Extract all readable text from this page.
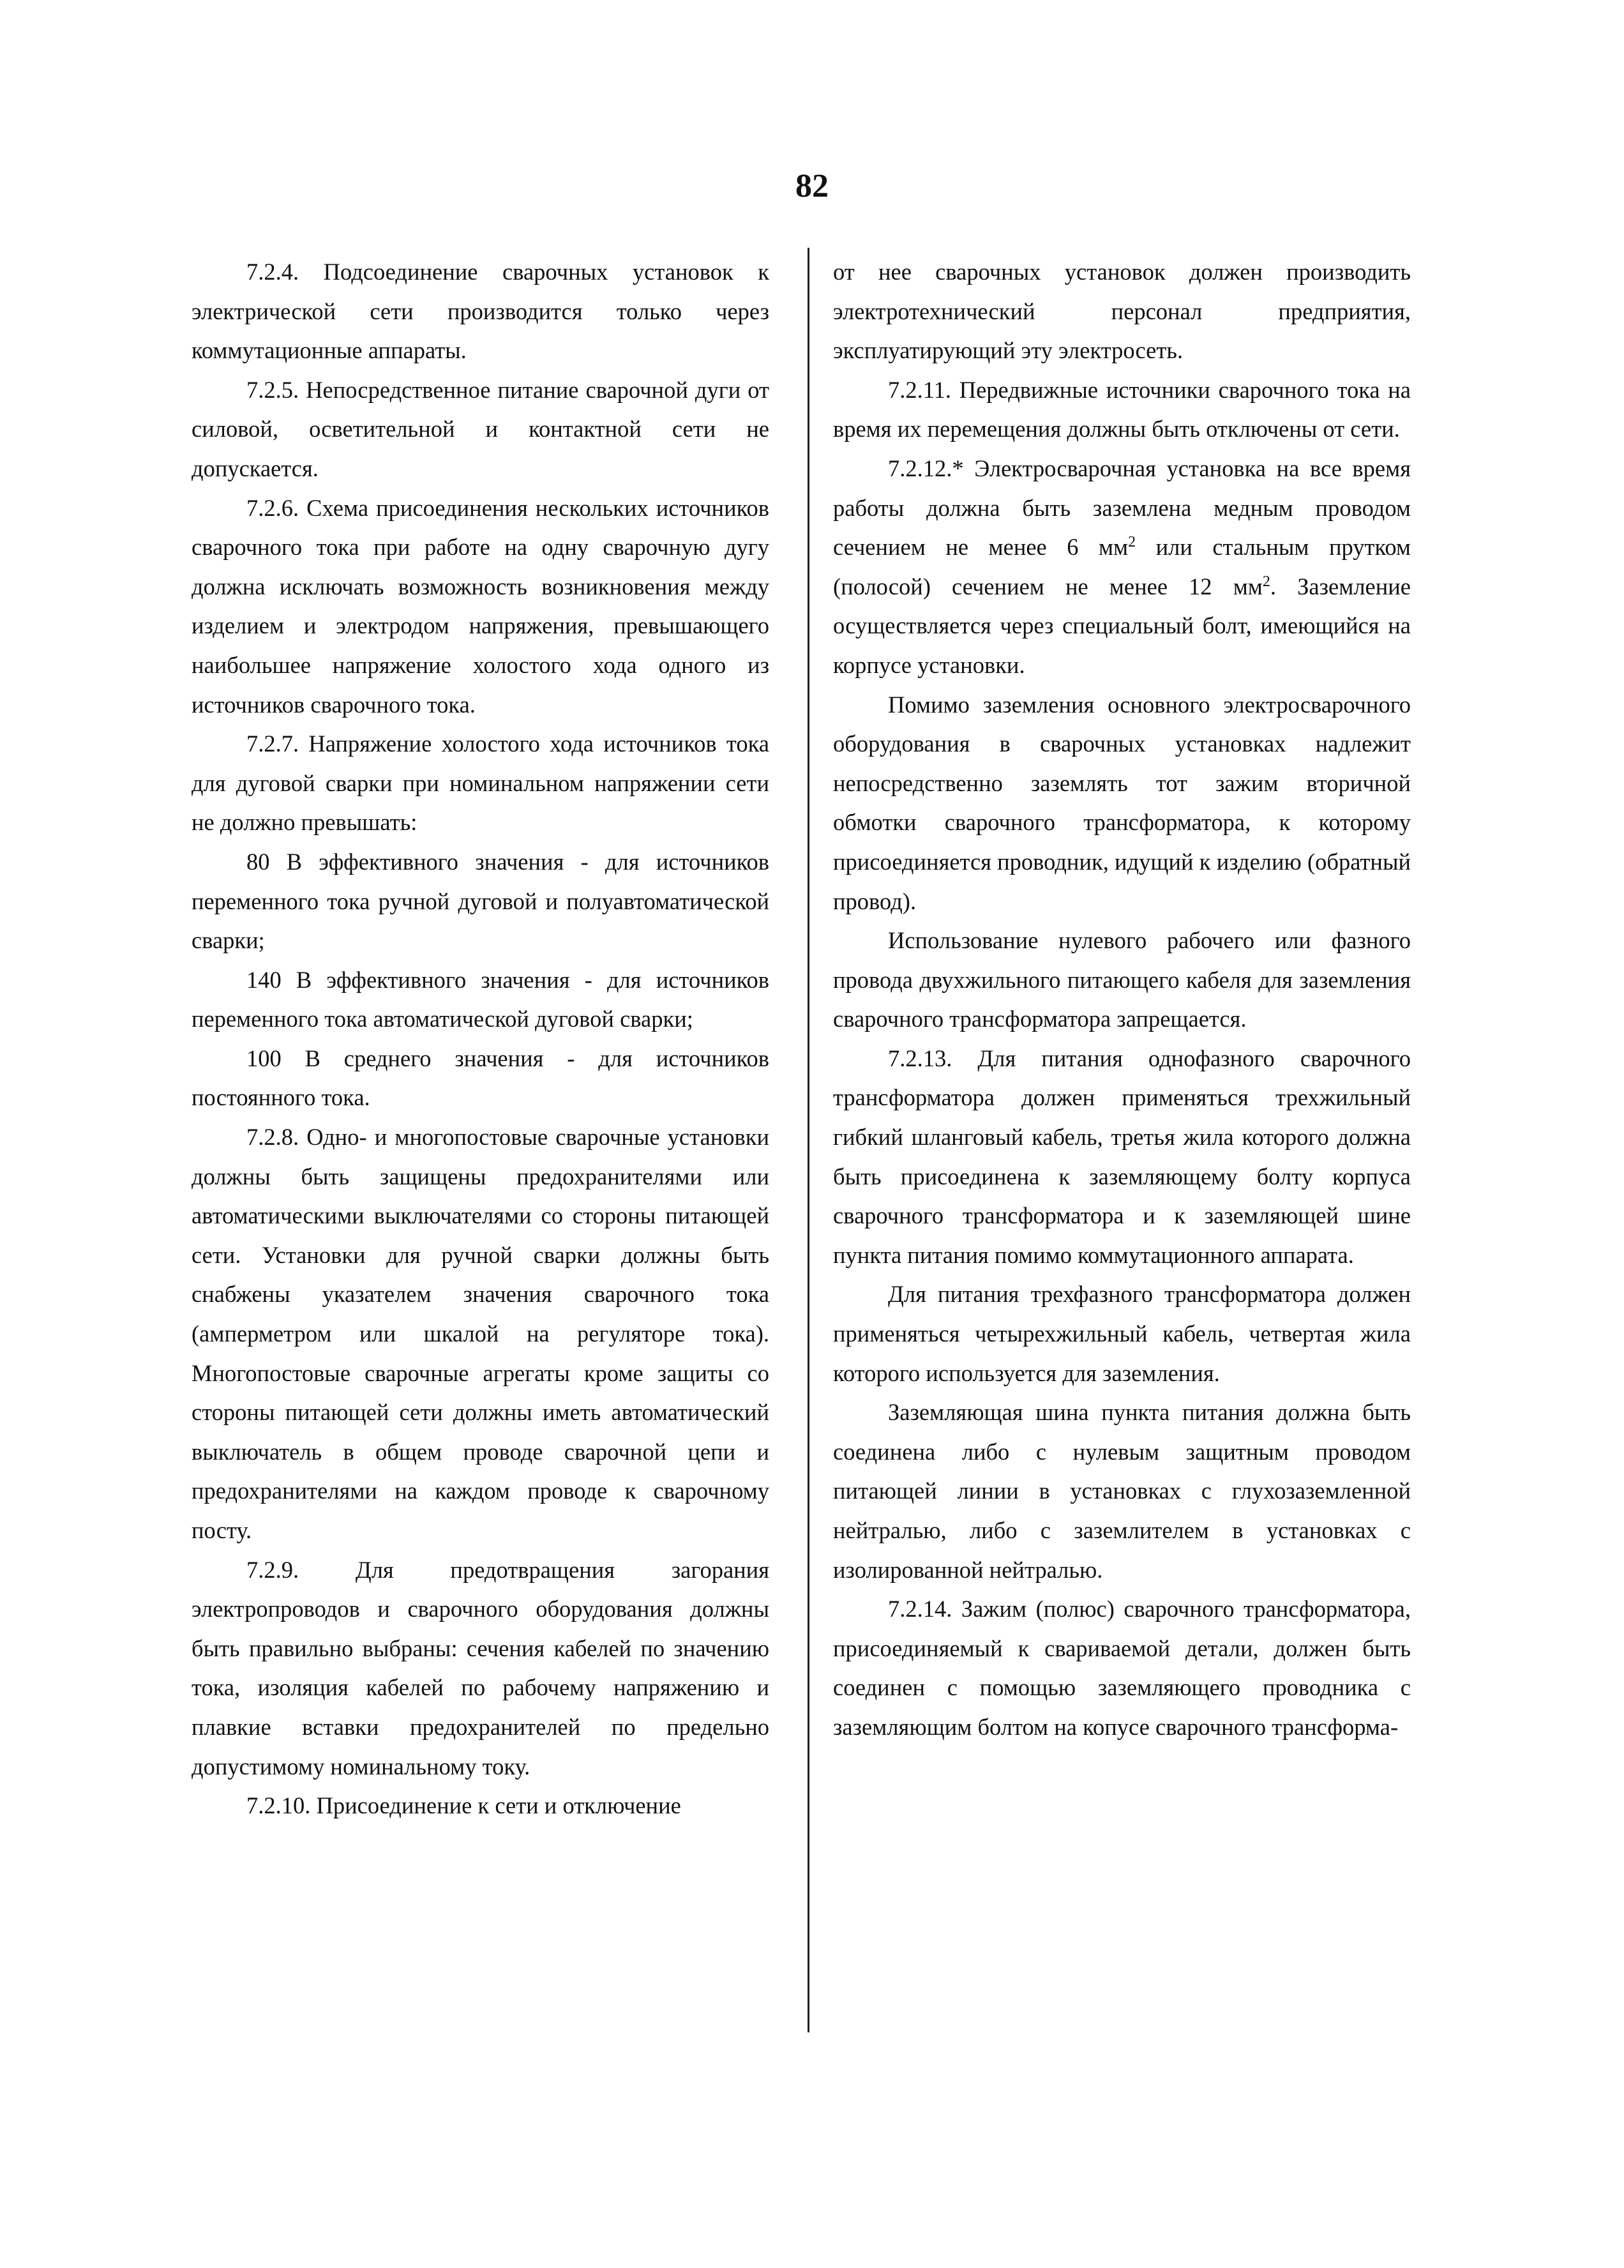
82

7.2.4. Подсоединение сварочных установок к электрической сети производится только через коммутационные аппараты.

7.2.5. Непосредственное питание сварочной дуги от силовой, осветительной и контактной сети не допускается.

7.2.6. Схема присоединения нескольких источников сварочного тока при работе на одну сварочную дугу должна исключать возможность возникновения между изделием и электродом напряжения, превышающего наибольшее напряжение холостого хода одного из источников сварочного тока.

7.2.7. Напряжение холостого хода источников тока для дуговой сварки при номинальном напряжении сети не должно превышать:

80 В эффективного значения - для источников переменного тока ручной дуговой и полуавтоматической сварки;

140 В эффективного значения - для источников переменного тока автоматической дуговой сварки;

100 В среднего значения - для источников постоянного тока.

7.2.8. Одно- и многопостовые сварочные установки должны быть защищены предохранителями или автоматическими выключателями со стороны питающей сети. Установки для ручной сварки должны быть снабжены указателем значения сварочного тока (амперметром или шкалой на регуляторе тока). Многопостовые сварочные агрегаты кроме защиты со стороны питающей сети должны иметь автоматический выключатель в общем проводе сварочной цепи и предохранителями на каждом проводе к сварочному посту.

7.2.9. Для предотвращения загорания электропроводов и сварочного оборудования должны быть правильно выбраны: сечения кабелей по значению тока, изоляция кабелей по рабочему напряжению и плавкие вставки предохранителей по предельно допустимому номинальному току.

7.2.10. Присоединение к сети и отключение

от нее сварочных установок должен производить электротехнический персонал предприятия, эксплуатирующий эту электросеть.

7.2.11. Передвижные источники сварочного тока на время их перемещения должны быть отключены от сети.

7.2.12.* Электросварочная установка на все время работы должна быть заземлена медным проводом сечением не менее 6 $мм^2$ или стальным прутком (полосой) сечением не менее 12 $мм^2$. Заземление осуществляется через специальный болт, имеющийся на корпусе установки.

Помимо заземления основного электросварочного оборудования в сварочных установках надлежит непосредственно заземлять тот зажим вторичной обмотки сварочного трансформатора, к которому присоединяется проводник, идущий к изделию (обратный провод).

Использование нулевого рабочего или фазного провода двухжильного питающего кабеля для заземления сварочного трансформатора запрещается.

7.2.13. Для питания однофазного сварочного трансформатора должен применяться трехжильный гибкий шланговый кабель, третья жила которого должна быть присоединена к заземляющему болту корпуса сварочного трансформатора и к заземляющей шине пункта питания помимо коммутационного аппарата.

Для питания трехфазного трансформатора должен применяться четырехжильный кабель, четвертая жила которого используется для заземления.

Заземляющая шина пункта питания должна быть соединена либо с нулевым защитным проводом питающей линии в установках с глухозаземленной нейтралью, либо с заземлителем в установках с изолированной нейтралью.

7.2.14. Зажим (полюс) сварочного трансформатора, присоединяемый к свариваемой детали, должен быть соединен с помощью заземляющего проводника с заземляющим болтом на копусе сварочного трансформа-
